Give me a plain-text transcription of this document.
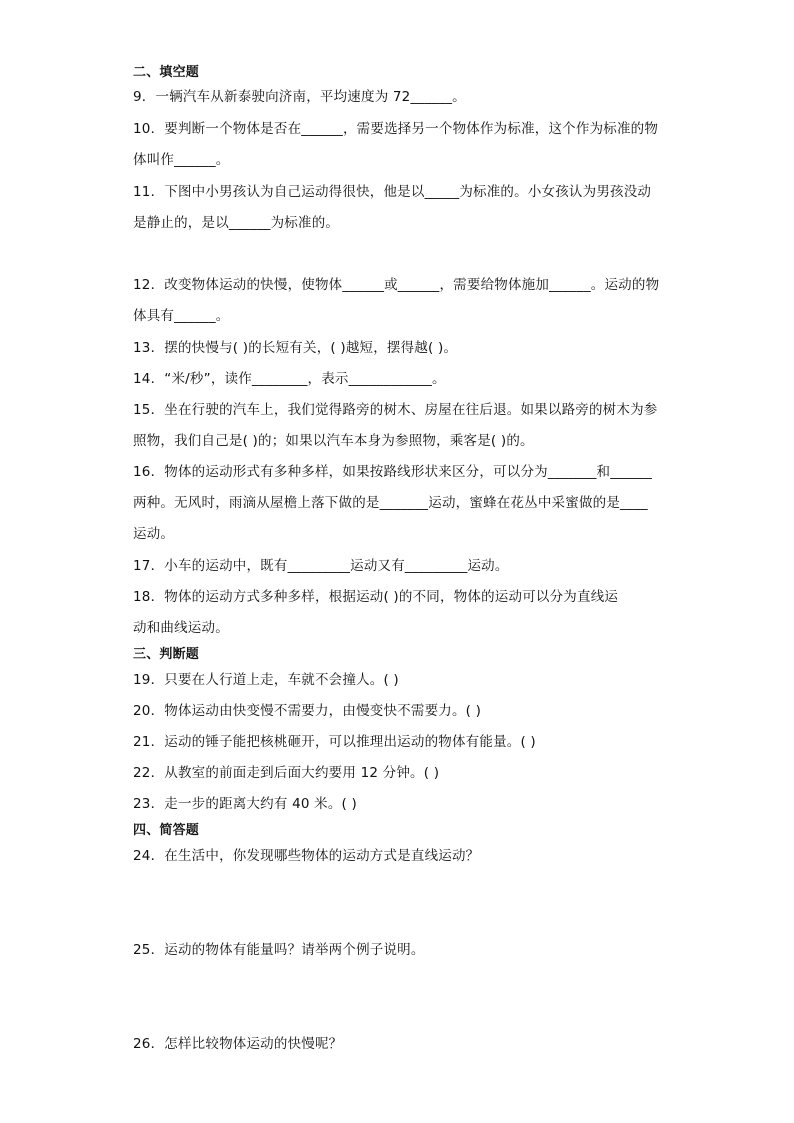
二、填空题
9．一辆汽车从新泰驶向济南，平均速度为 72______。
10．要判断一个物体是否在______，需要选择另一个物体作为标准，这个作为标准的物
体叫作______。
11．下图中小男孩认为自己运动得很快，他是以_____为标准的。小女孩认为男孩没动
是静止的，是以______为标准的。
12．改变物体运动的快慢，使物体______或______，需要给物体施加______。运动的物
体具有______。
13．摆的快慢与( )的长短有关，( )越短，摆得越( )。
14．“米/秒”，读作________，表示____________。
15．坐在行驶的汽车上，我们觉得路旁的树木、房屋在往后退。如果以路旁的树木为参
照物，我们自己是( )的；如果以汽车本身为参照物，乘客是( )的。
16．物体的运动形式有多种多样，如果按路线形状来区分，可以分为_______和______
两种。无风时，雨滴从屋檐上落下做的是_______运动，蜜蜂在花丛中采蜜做的是____
运动。
17．小车的运动中，既有_________运动又有_________运动。
18．物体的运动方式多种多样，根据运动( )的不同，物体的运动可以分为直线运
动和曲线运动。
三、判断题
19．只要在人行道上走，车就不会撞人。( )
20．物体运动由快变慢不需要力，由慢变快不需要力。( )
21．运动的锤子能把核桃砸开，可以推理出运动的物体有能量。( )
22．从教室的前面走到后面大约要用 12 分钟。( )
23．走一步的距离大约有 40 米。( )
四、简答题
24．在生活中，你发现哪些物体的运动方式是直线运动？
25．运动的物体有能量吗？请举两个例子说明。
26．怎样比较物体运动的快慢呢？
